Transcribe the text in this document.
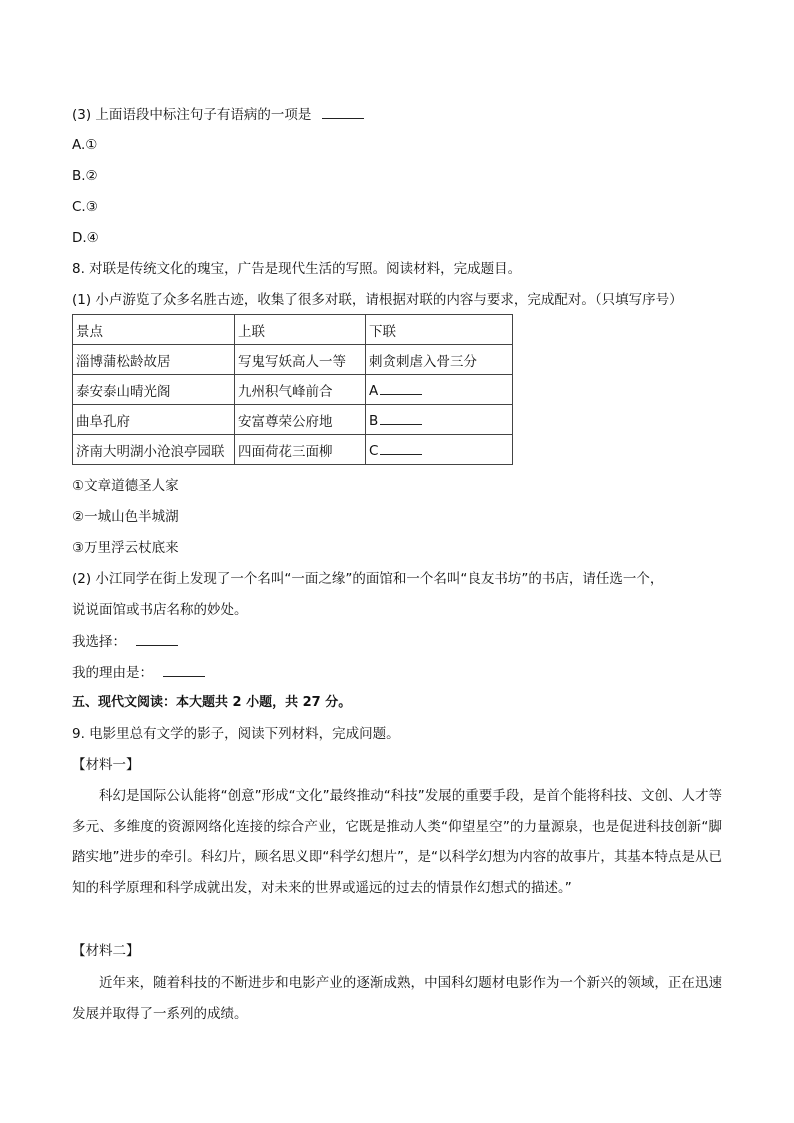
(3) 上面语段中标注句子有语病的一项是
A.①
B.②
C.③
D.④
8. 对联是传统文化的瑰宝，广告是现代生活的写照。阅读材料，完成题目。
(1) 小卢游览了众多名胜古迹，收集了很多对联，请根据对联的内容与要求，完成配对。（只填写序号）
景点	上联	下联
淄博蒲松龄故居	写鬼写妖高人一等	刺贪刺虐入骨三分
泰安泰山晴光阁	九州积气峰前合	A
曲阜孔府	安富尊荣公府地	B
济南大明湖小沧浪亭园联	四面荷花三面柳	C
①文章道德圣人家
②一城山色半城湖
③万里浮云杖底来
(2) 小江同学在街上发现了一个名叫“一面之缘”的面馆和一个名叫“良友书坊”的书店，请任选一个，
说说面馆或书店名称的妙处。
我选择：
我的理由是：
五、现代文阅读：本大题共 2 小题，共 27 分。
9. 电影里总有文学的影子，阅读下列材料，完成问题。
【材料一】

科幻是国际公认能将“创意”形成“文化”最终推动“科技”发展的重要手段，是首个能将科技、文创、人才等多元、多维度的资源网络化连接的综合产业，它既是推动人类“仰望星空”的力量源泉，也是促进科技创新“脚踏实地”进步的牵引。科幻片，顾名思义即“科学幻想片”，是“以科学幻想为内容的故事片，其基本特点是从已知的科学原理和科学成就出发，对未来的世界或遥远的过去的情景作幻想式的描述。”

【材料二】

近年来，随着科技的不断进步和电影产业的逐渐成熟，中国科幻题材电影作为一个新兴的领域，正在迅速发展并取得了一系列的成绩。
